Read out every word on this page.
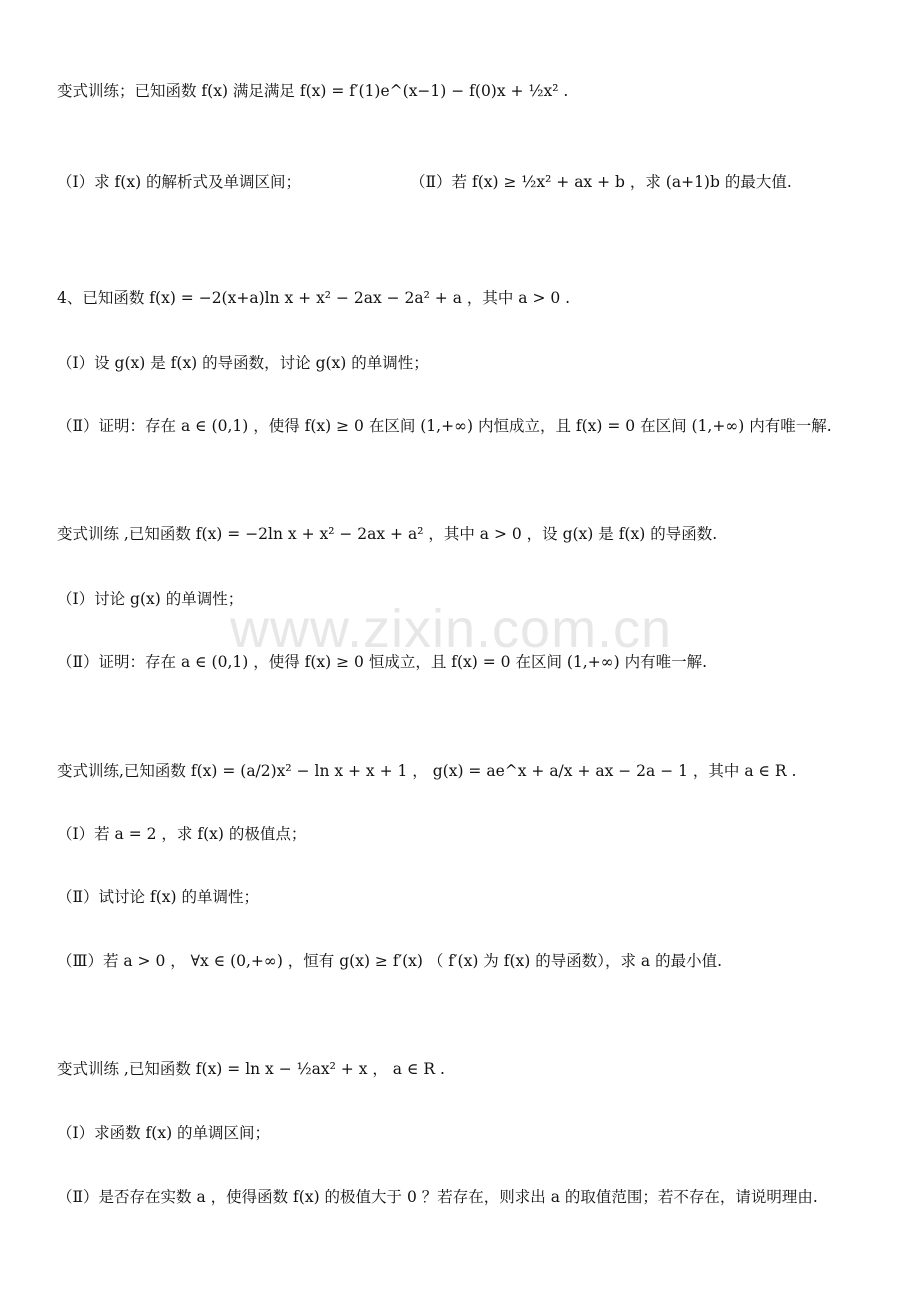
www.zixin.com.cn
变式训练；已知函数 f(x) 满足满足 f(x) = f′(1)e^(x−1) − f(0)x + ½x² .
（Ⅰ）求 f(x) 的解析式及单调区间；	（Ⅱ）若 f(x) ≥ ½x² + ax + b ，求 (a+1)b 的最大值.
4、已知函数 f(x) = −2(x+a)ln x + x² − 2ax − 2a² + a ，其中 a > 0 .
（Ⅰ）设 g(x) 是 f(x) 的导函数，讨论 g(x) 的单调性；
（Ⅱ）证明：存在 a ∈ (0,1) ，使得 f(x) ≥ 0 在区间 (1,+∞) 内恒成立，且 f(x) = 0 在区间 (1,+∞) 内有唯一解.
变式训练 ,已知函数 f(x) = −2ln x + x² − 2ax + a² ，其中 a > 0 ，设 g(x) 是 f(x) 的导函数.
（Ⅰ）讨论 g(x) 的单调性；
（Ⅱ）证明：存在 a ∈ (0,1) ，使得 f(x) ≥ 0 恒成立，且 f(x) = 0 在区间 (1,+∞) 内有唯一解.
变式训练,已知函数 f(x) = (a/2)x² − ln x + x + 1 ， g(x) = ae^x + a/x + ax − 2a − 1 ，其中 a ∈ R .
（Ⅰ）若 a = 2 ，求 f(x) 的极值点；
（Ⅱ）试讨论 f(x) 的单调性；
（Ⅲ）若 a > 0 ， ∀x ∈ (0,+∞) ，恒有 g(x) ≥ f′(x) （ f′(x) 为 f(x) 的导函数），求 a 的最小值.
变式训练 ,已知函数 f(x) = ln x − ½ax² + x ， a ∈ R .
（Ⅰ）求函数 f(x) 的单调区间；
（Ⅱ）是否存在实数 a ，使得函数 f(x) 的极值大于 0 ？若存在，则求出 a 的取值范围；若不存在，请说明理由.
